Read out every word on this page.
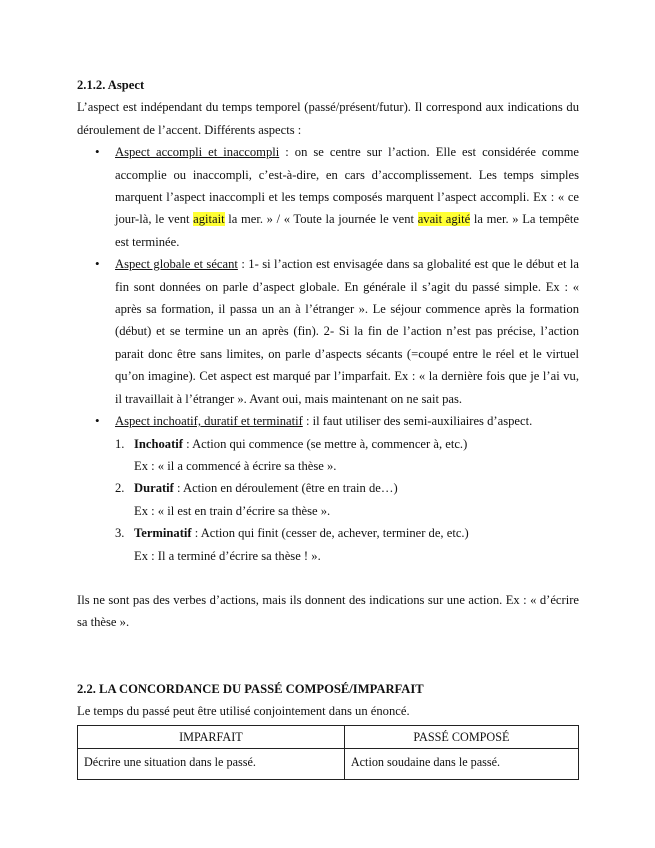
2.1.2. Aspect

L’aspect est indépendant du temps temporel (passé/présent/futur). Il correspond aux indications du déroulement de l’accent. Différents aspects :

• Aspect accompli et inaccompli : on se centre sur l’action. Elle est considérée comme accomplie ou inaccompli, c’est-à-dire, en cars d’accomplissement. Les temps simples marquent l’aspect inaccompli et les temps composés marquent l’aspect accompli. Ex : « ce jour-là, le vent agitait la mer. » / « Toute la journée le vent avait agité la mer. » La tempête est terminée.
• Aspect globale et sécant : 1- si l’action est envisagée dans sa globalité est que le début et la fin sont données on parle d’aspect globale. En générale il s’agit du passé simple. Ex : « après sa formation, il passa un an à l’étranger ». Le séjour commence après la formation (début) et se termine un an après (fin). 2- Si la fin de l’action n’est pas précise, l’action parait donc être sans limites, on parle d’aspects sécants (=coupé entre le réel et le virtuel qu’on imagine). Cet aspect est marqué par l’imparfait. Ex : « la dernière fois que je l’ai vu, il travaillait à l’étranger ». Avant oui, mais maintenant on ne sait pas.
• Aspect inchoatif, duratif et terminatif : il faut utiliser des semi-auxiliaires d’aspect.
1. Inchoatif : Action qui commence (se mettre à, commencer à, etc.)
Ex : « il a commencé à écrire sa thèse ».
2. Duratif : Action en déroulement (être en train de…)
Ex : « il est en train d’écrire sa thèse ».
3. Terminatif : Action qui finit (cesser de, achever, terminer de, etc.)
Ex : Il a terminé d’écrire sa thèse ! ».

Ils ne sont pas des verbes d’actions, mais ils donnent des indications sur une action. Ex : « d’écrire sa thèse ».

2.2. LA CONCORDANCE DU PASSÉ COMPOSÉ/IMPARFAIT

Le temps du passé peut être utilisé conjointement dans un énoncé.

IMPARFAIT	PASSÉ COMPOSÉ
Décrire une situation dans le passé.	Action soudaine dans le passé.
